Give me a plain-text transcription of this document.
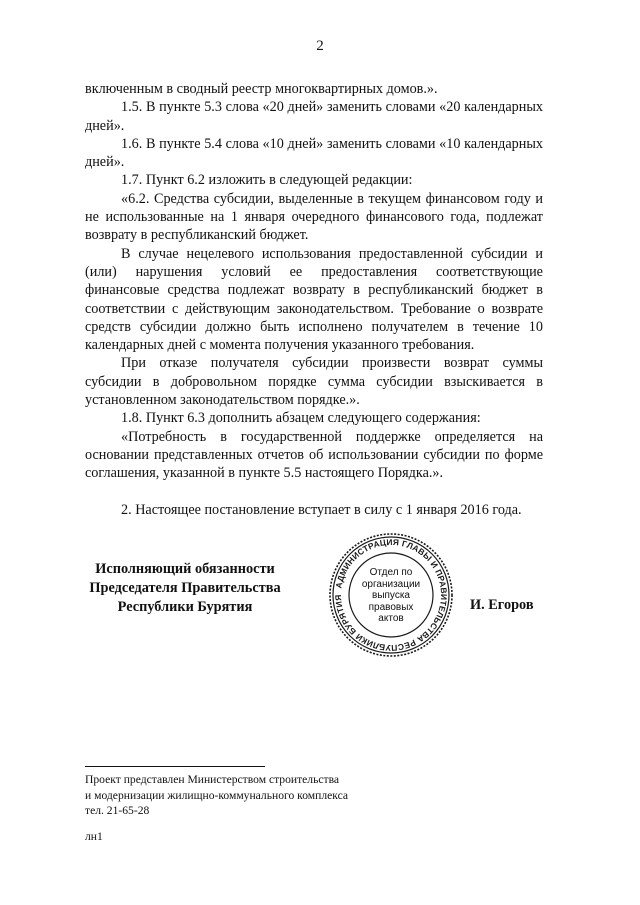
2

включенным в сводный реестр многоквартирных домов.».

1.5. В пункте 5.3 слова «20 дней» заменить словами «20 календарных дней».

1.6. В пункте 5.4 слова «10 дней» заменить словами «10 календарных дней».

1.7. Пункт 6.2 изложить в следующей редакции:

«6.2. Средства субсидии, выделенные в текущем финансовом году и не использованные на 1 января очередного финансового года, подлежат возврату в республиканский бюджет.

В случае нецелевого использования предоставленной субсидии и (или) нарушения условий ее предоставления соответствующие финансовые средства подлежат возврату в республиканский бюджет в соответствии с действующим законодательством. Требование о возврате средств субсидии должно быть исполнено получателем в течение 10 календарных дней с момента получения указанного требования.

При отказе получателя субсидии произвести возврат суммы субсидии в добровольном порядке сумма субсидии взыскивается в установленном законодательством порядке.».

1.8. Пункт 6.3 дополнить абзацем следующего содержания:

«Потребность в государственной поддержке определяется на основании представленных отчетов об использовании субсидии по форме соглашения, указанной в пункте 5.5 настоящего Порядка.».

2. Настоящее постановление вступает в силу с 1 января 2016 года.

Исполняющий обязанности
Председателя Правительства
Республики Бурятия
АДМИНИСТРАЦИЯ ГЛАВЫ И ПРАВИТЕЛЬСТВА РЕСПУБЛИКИ БУРЯТИЯ
Отдел по
организации
выпуска
правовых
актов
И. Егоров
Проект представлен Министерством строительства
и модернизации жилищно-коммунального комплекса
тел. 21-65-28
лн1
